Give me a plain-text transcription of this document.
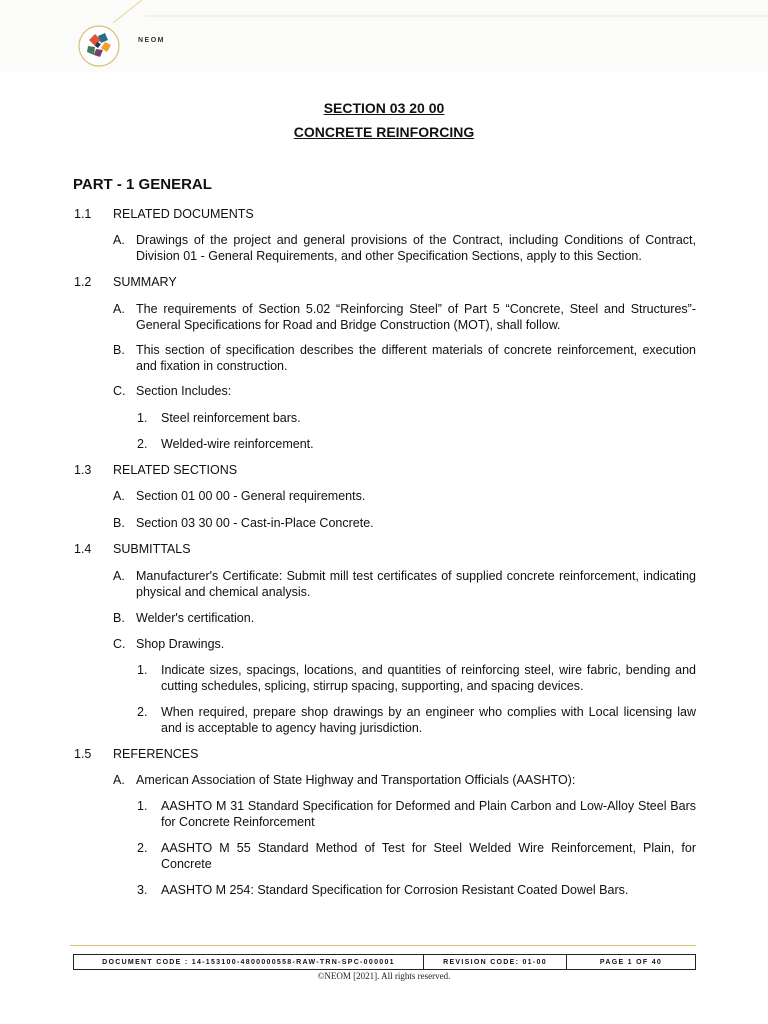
NEOM
SECTION 03 20 00
CONCRETE REINFORCING
PART - 1 GENERAL
1.1 RELATED DOCUMENTS
A. Drawings of the project and general provisions of the Contract, including Conditions of Contract, Division 01 - General Requirements, and other Specification Sections, apply to this Section.
1.2 SUMMARY
A. The requirements of Section 5.02 “Reinforcing Steel” of Part 5 “Concrete, Steel and Structures”- General Specifications for Road and Bridge Construction (MOT), shall follow.
B. This section of specification describes the different materials of concrete reinforcement, execution and fixation in construction.
C. Section Includes:
1. Steel reinforcement bars.
2. Welded-wire reinforcement.
1.3 RELATED SECTIONS
A. Section 01 00 00 - General requirements.
B. Section 03 30 00 - Cast-in-Place Concrete.
1.4 SUBMITTALS
A. Manufacturer's Certificate: Submit mill test certificates of supplied concrete reinforcement, indicating physical and chemical analysis.
B. Welder's certification.
C. Shop Drawings.
1. Indicate sizes, spacings, locations, and quantities of reinforcing steel, wire fabric, bending and cutting schedules, splicing, stirrup spacing, supporting, and spacing devices.
2. When required, prepare shop drawings by an engineer who complies with Local licensing law and is acceptable to agency having jurisdiction.
1.5 REFERENCES
A. American Association of State Highway and Transportation Officials (AASHTO):
1. AASHTO M 31 Standard Specification for Deformed and Plain Carbon and Low-Alloy Steel Bars for Concrete Reinforcement
2. AASHTO M 55 Standard Method of Test for Steel Welded Wire Reinforcement, Plain, for Concrete
3. AASHTO M 254: Standard Specification for Corrosion Resistant Coated Dowel Bars.
DOCUMENT CODE : 14-153100-4800000558-RAW-TRN-SPC-000001	REVISION CODE: 01-00	PAGE 1 OF 40
©NEOM [2021]. All rights reserved.
